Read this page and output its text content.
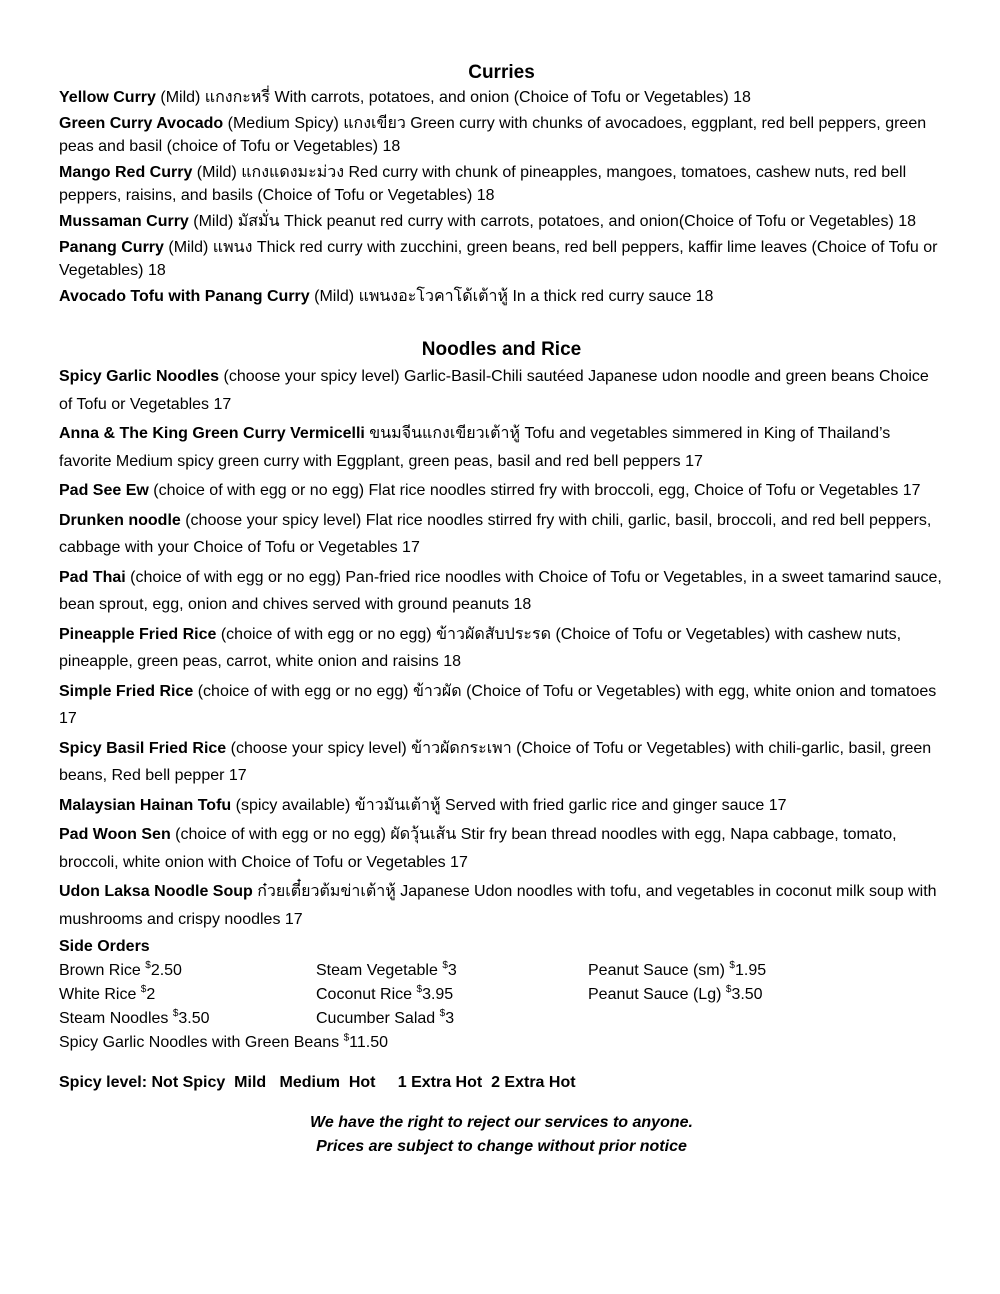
Curries

Yellow Curry (Mild) แกงกะหรี่ With carrots, potatoes, and onion (Choice of Tofu or Vegetables) 18

Green Curry Avocado (Medium Spicy) แกงเขียว Green curry with chunks of avocadoes, eggplant, red bell peppers, green peas and basil (choice of Tofu or Vegetables) 18

Mango Red Curry (Mild) แกงแดงมะม่วง Red curry with chunk of pineapples, mangoes, tomatoes, cashew nuts, red bell peppers, raisins, and basils (Choice of Tofu or Vegetables) 18

Mussaman Curry (Mild) มัสมั่น Thick peanut red curry with carrots, potatoes, and onion(Choice of Tofu or Vegetables) 18

Panang Curry (Mild) แพนง Thick red curry with zucchini, green beans, red bell peppers, kaffir lime leaves (Choice of Tofu or Vegetables) 18

Avocado Tofu with Panang Curry (Mild) แพนงอะโวคาโด้เต้าหู้ In a thick red curry sauce 18

Noodles and Rice

Spicy Garlic Noodles (choose your spicy level) Garlic-Basil-Chili sautéed Japanese udon noodle and green beans Choice of Tofu or Vegetables 17

Anna & The King Green Curry Vermicelli ขนมจีนแกงเขียวเต้าหู้ Tofu and vegetables simmered in King of Thailand’s favorite Medium spicy green curry with Eggplant, green peas, basil and red bell peppers 17

Pad See Ew (choice of with egg or no egg) Flat rice noodles stirred fry with broccoli, egg, Choice of Tofu or Vegetables 17

Drunken noodle (choose your spicy level) Flat rice noodles stirred fry with chili, garlic, basil, broccoli, and red bell peppers, cabbage with your Choice of Tofu or Vegetables 17

Pad Thai (choice of with egg or no egg) Pan-fried rice noodles with Choice of Tofu or Vegetables, in a sweet tamarind sauce, bean sprout, egg, onion and chives served with ground peanuts 18

Pineapple Fried Rice (choice of with egg or no egg) ข้าวผัดสับประรด (Choice of Tofu or Vegetables) with cashew nuts, pineapple, green peas, carrot, white onion and raisins 18

Simple Fried Rice (choice of with egg or no egg) ข้าวผัด (Choice of Tofu or Vegetables) with egg, white onion and tomatoes 17

Spicy Basil Fried Rice (choose your spicy level) ข้าวผัดกระเพา (Choice of Tofu or Vegetables) with chili-garlic, basil, green beans, Red bell pepper 17

Malaysian Hainan Tofu (spicy available) ข้าวมันเต้าหู้ Served with fried garlic rice and ginger sauce 17

Pad Woon Sen (choice of with egg or no egg) ผัดวุ้นเส้น Stir fry bean thread noodles with egg, Napa cabbage, tomato, broccoli, white onion with Choice of Tofu or Vegetables 17

Udon Laksa Noodle Soup ก๋วยเตี๋ยวต้มข่าเต้าหู้ Japanese Udon noodles with tofu, and vegetables in coconut milk soup with mushrooms and crispy noodles 17

Side Orders
Brown Rice $2.50	Steam Vegetable $3	Peanut Sauce (sm) $1.95
White Rice $2	Coconut Rice $3.95	Peanut Sauce (Lg) $3.50
Steam Noodles $3.50	Cucumber Salad $3
Spicy Garlic Noodles with Green Beans $11.50
Spicy level: Not Spicy  Mild   Medium  Hot     1 Extra Hot  2 Extra Hot
We have the right to reject our services to anyone.
Prices are subject to change without prior notice
